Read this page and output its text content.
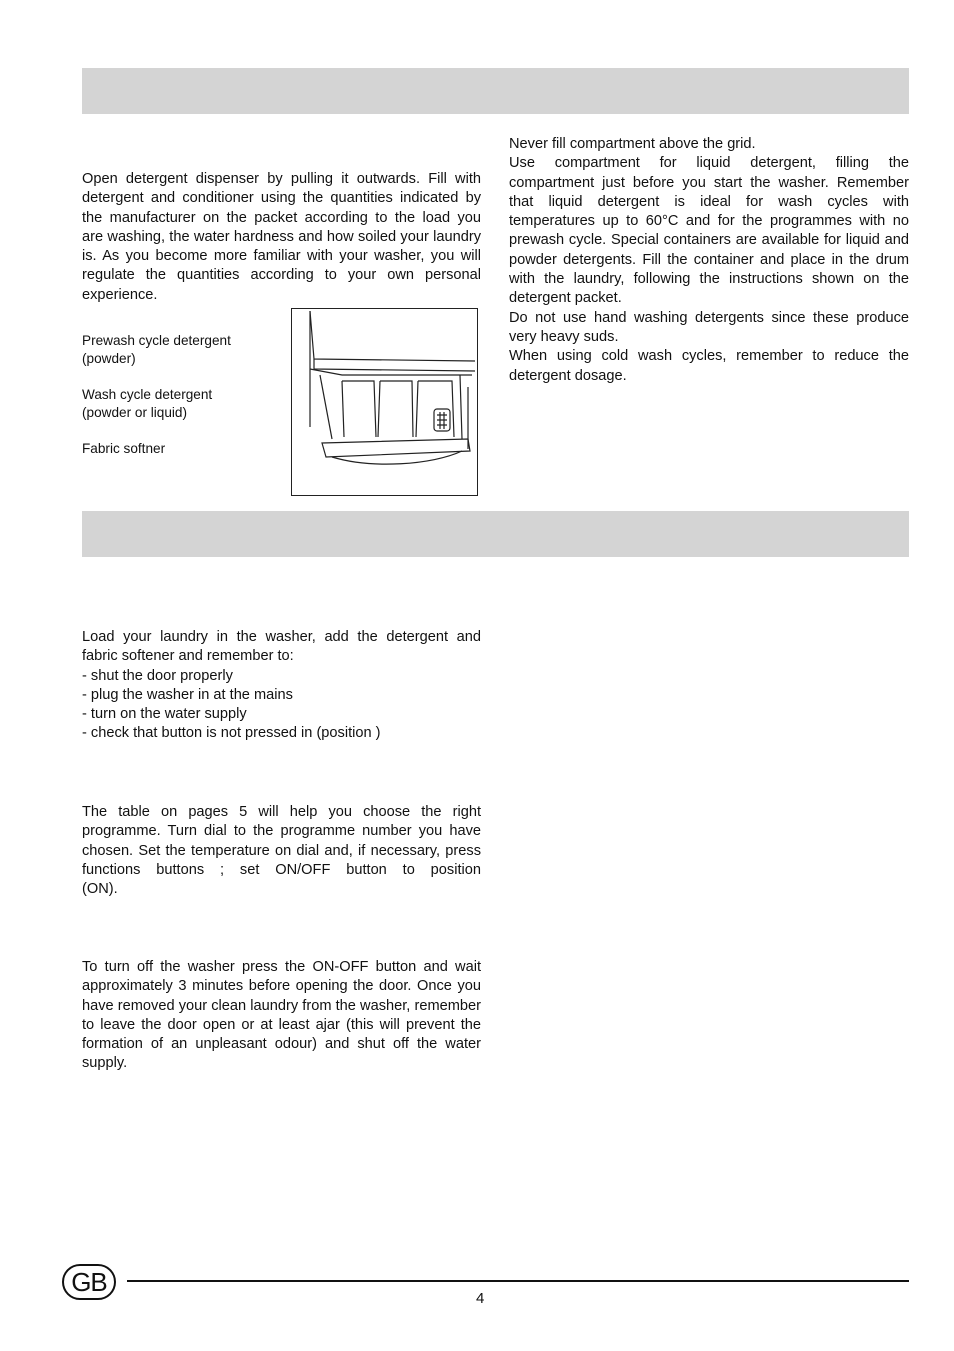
Open detergent dispenser by pulling it outwards. Fill with
detergent and conditioner using the quantities indicated by
the manufacturer on the packet according to the load you
are washing, the water hardness and how soiled your laundry
is. As you become more familiar with your washer, you will
regulate the quantities according to your own personal
experience.
Prewash cycle detergent
(powder)
Wash cycle detergent
(powder or liquid)
Fabric softner
Never fill compartment above the grid.
Use compartment for liquid detergent, filling the
compartment just before you start the washer. Remember
that liquid detergent is ideal for wash cycles with
temperatures up to 60°C and for the programmes with no
prewash cycle. Special containers are available for liquid and
powder detergents. Fill the container and place in the drum
with the laundry, following the instructions shown on the
detergent packet.
Do not use hand washing detergents since these produce
very heavy suds.
When using cold wash cycles, remember to reduce the
detergent dosage.
Load your laundry in the washer, add the detergent and
fabric softener and remember to:
- shut the door properly
- plug the washer in at the mains
- turn on the water supply
- check that button is not pressed in (position )
The table on pages 5 will help you choose the right
programme. Turn dial to the programme number you have
chosen. Set the temperature on dial and, if necessary, press
functions buttons ; set ON/OFF button to position
(ON).
To turn off the washer press the ON-OFF button and wait
approximately 3 minutes before opening the door. Once you
have removed your clean laundry from the washer, remember
to leave the door open or at least ajar (this will prevent the
formation of an unpleasant odour) and shut off the water
supply.
GB
4
